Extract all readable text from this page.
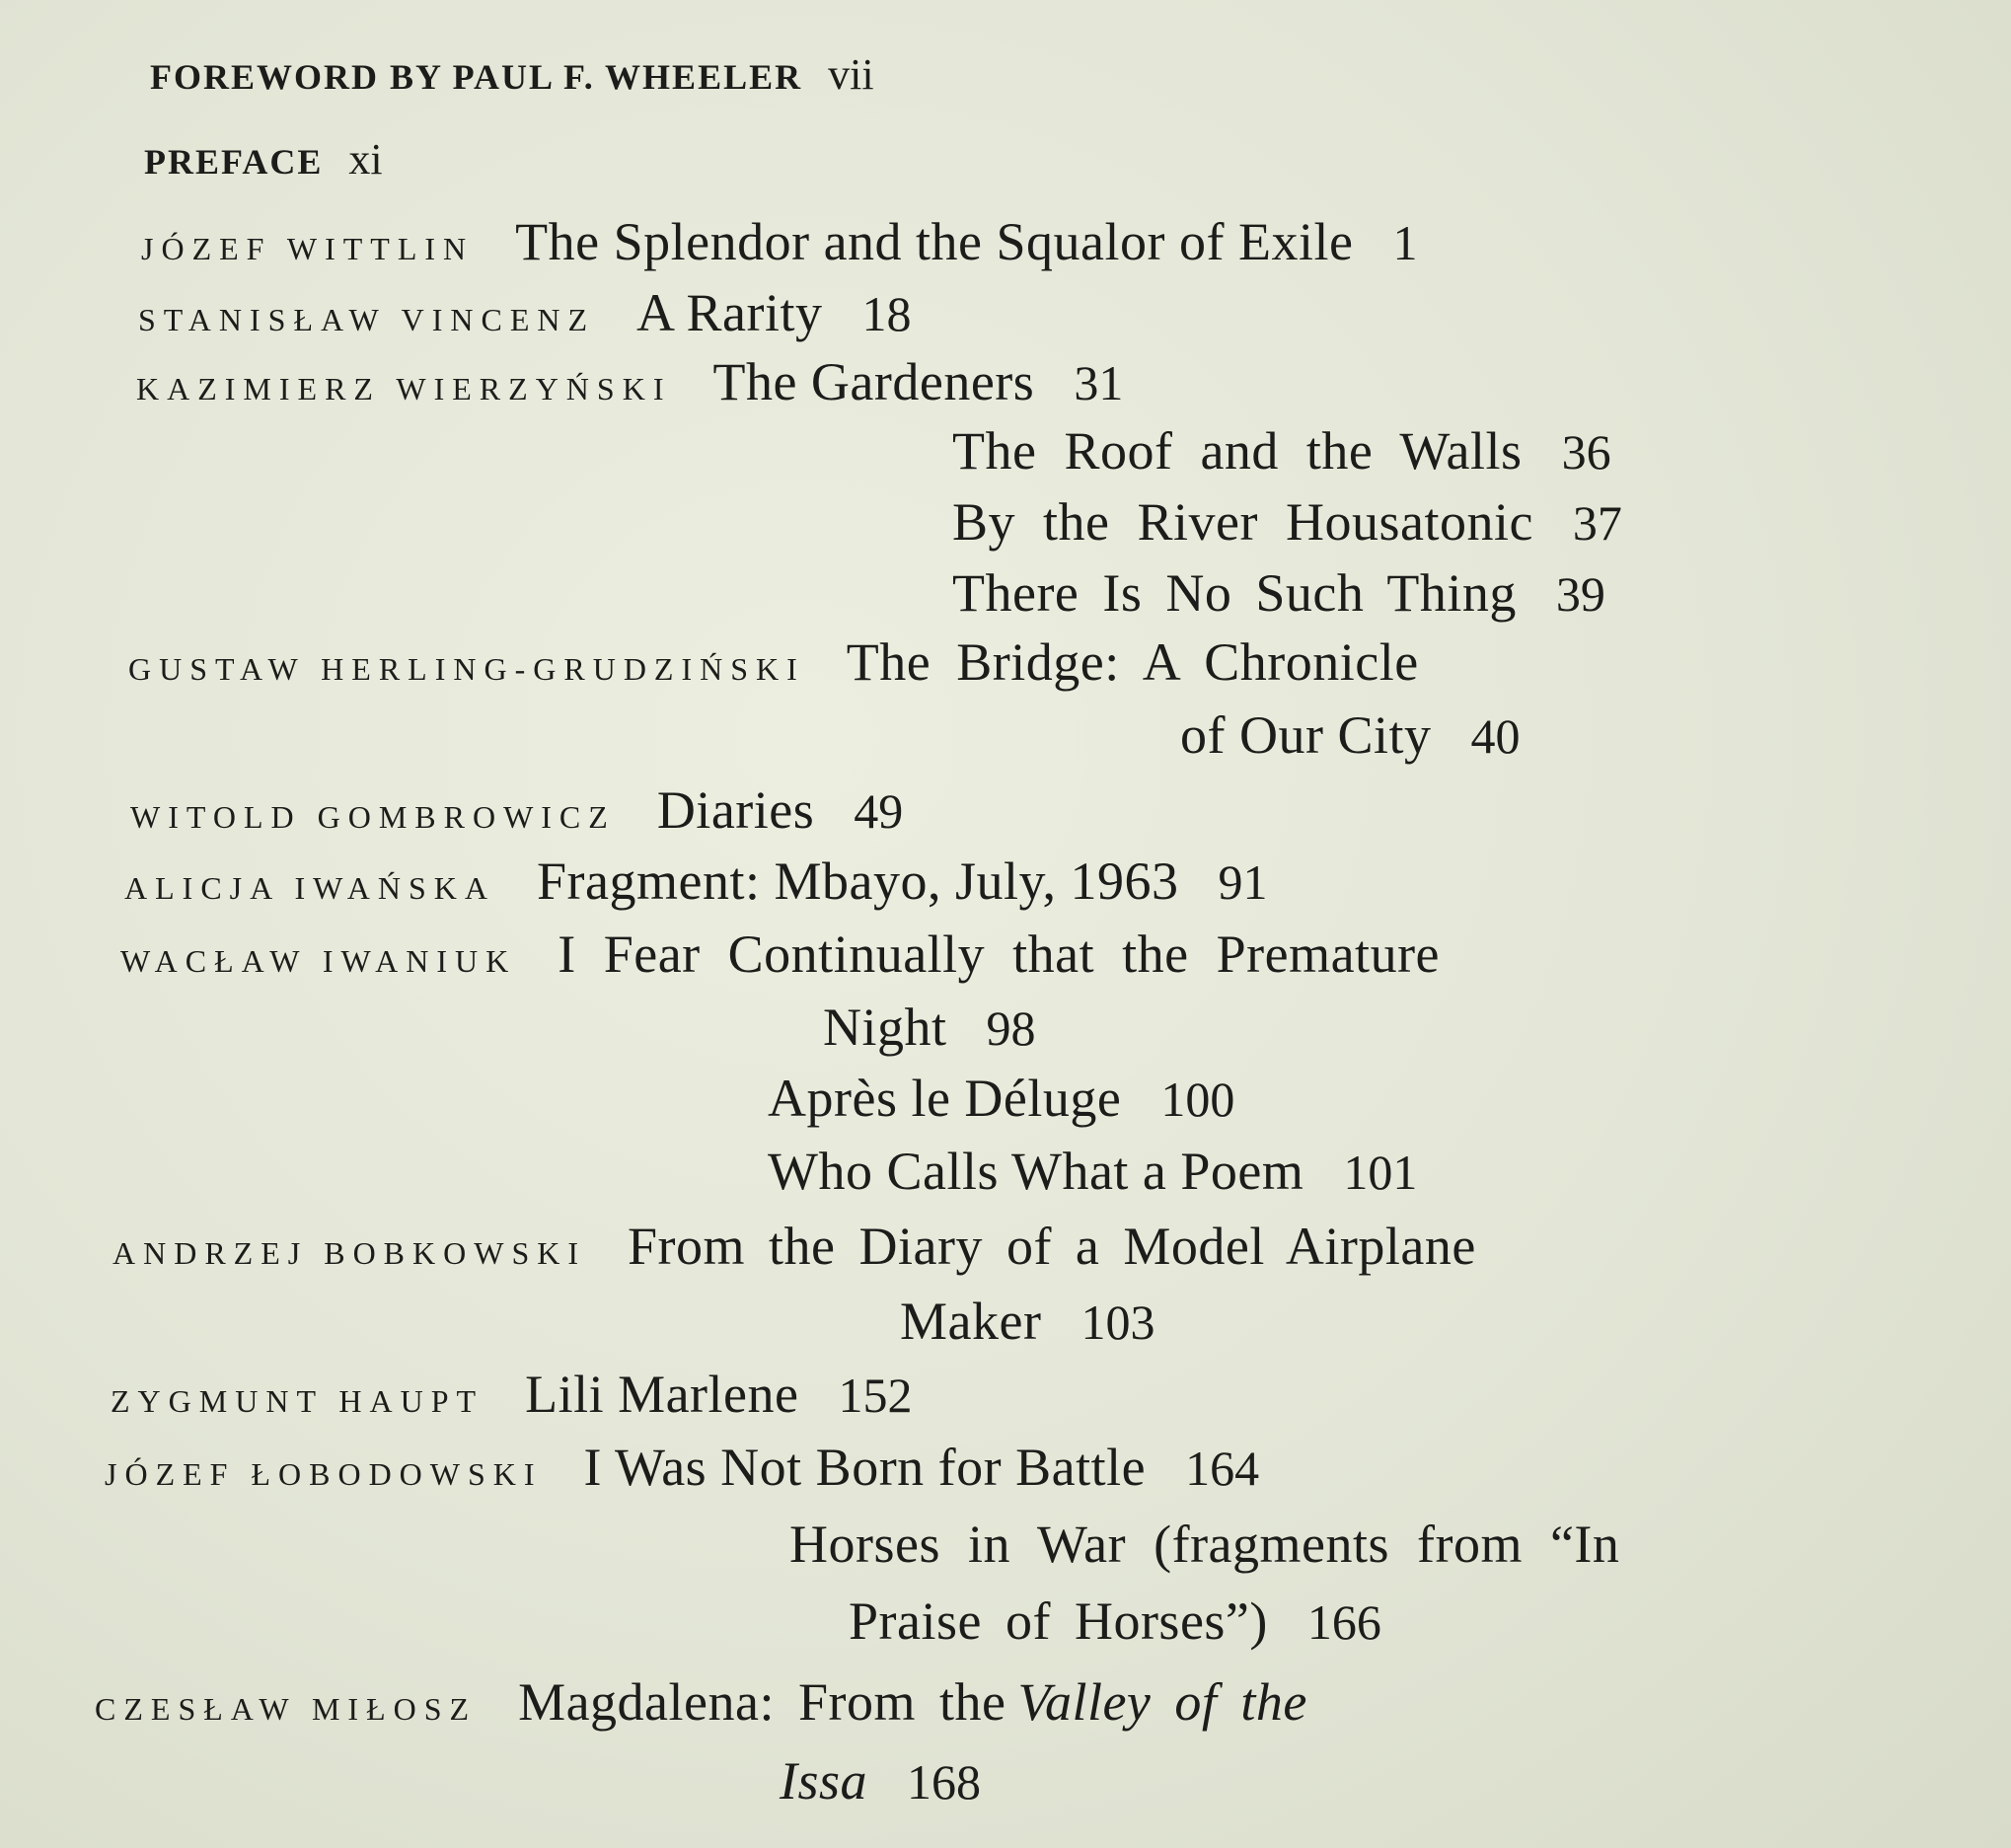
FOREWORD BY PAUL F. WHEELER vii
PREFACE xi
JÓZEF WITTLIN The Splendor and the Squalor of Exile 1
STANISŁAW VINCENZ A Rarity 18
KAZIMIERZ WIERZYŃSKI The Gardeners 31
The Roof and the Walls 36
By the River Housatonic 37
There Is No Such Thing 39
GUSTAW HERLING-GRUDZIŃSKI The Bridge: A Chronicle
of Our City 40
WITOLD GOMBROWICZ Diaries 49
ALICJA IWAŃSKA Fragment: Mbayo, July, 1963 91
WACŁAW IWANIUK I Fear Continually that the Premature
Night 98
Après le Déluge 100
Who Calls What a Poem 101
ANDRZEJ BOBKOWSKI From the Diary of a Model Airplane
Maker 103
ZYGMUNT HAUPT Lili Marlene 152
JÓZEF ŁOBODOWSKI I Was Not Born for Battle 164
Horses in War (fragments from “In
Praise of Horses”) 166
CZESŁAW MIŁOSZ Magdalena: From the Valley of the
Issa 168
